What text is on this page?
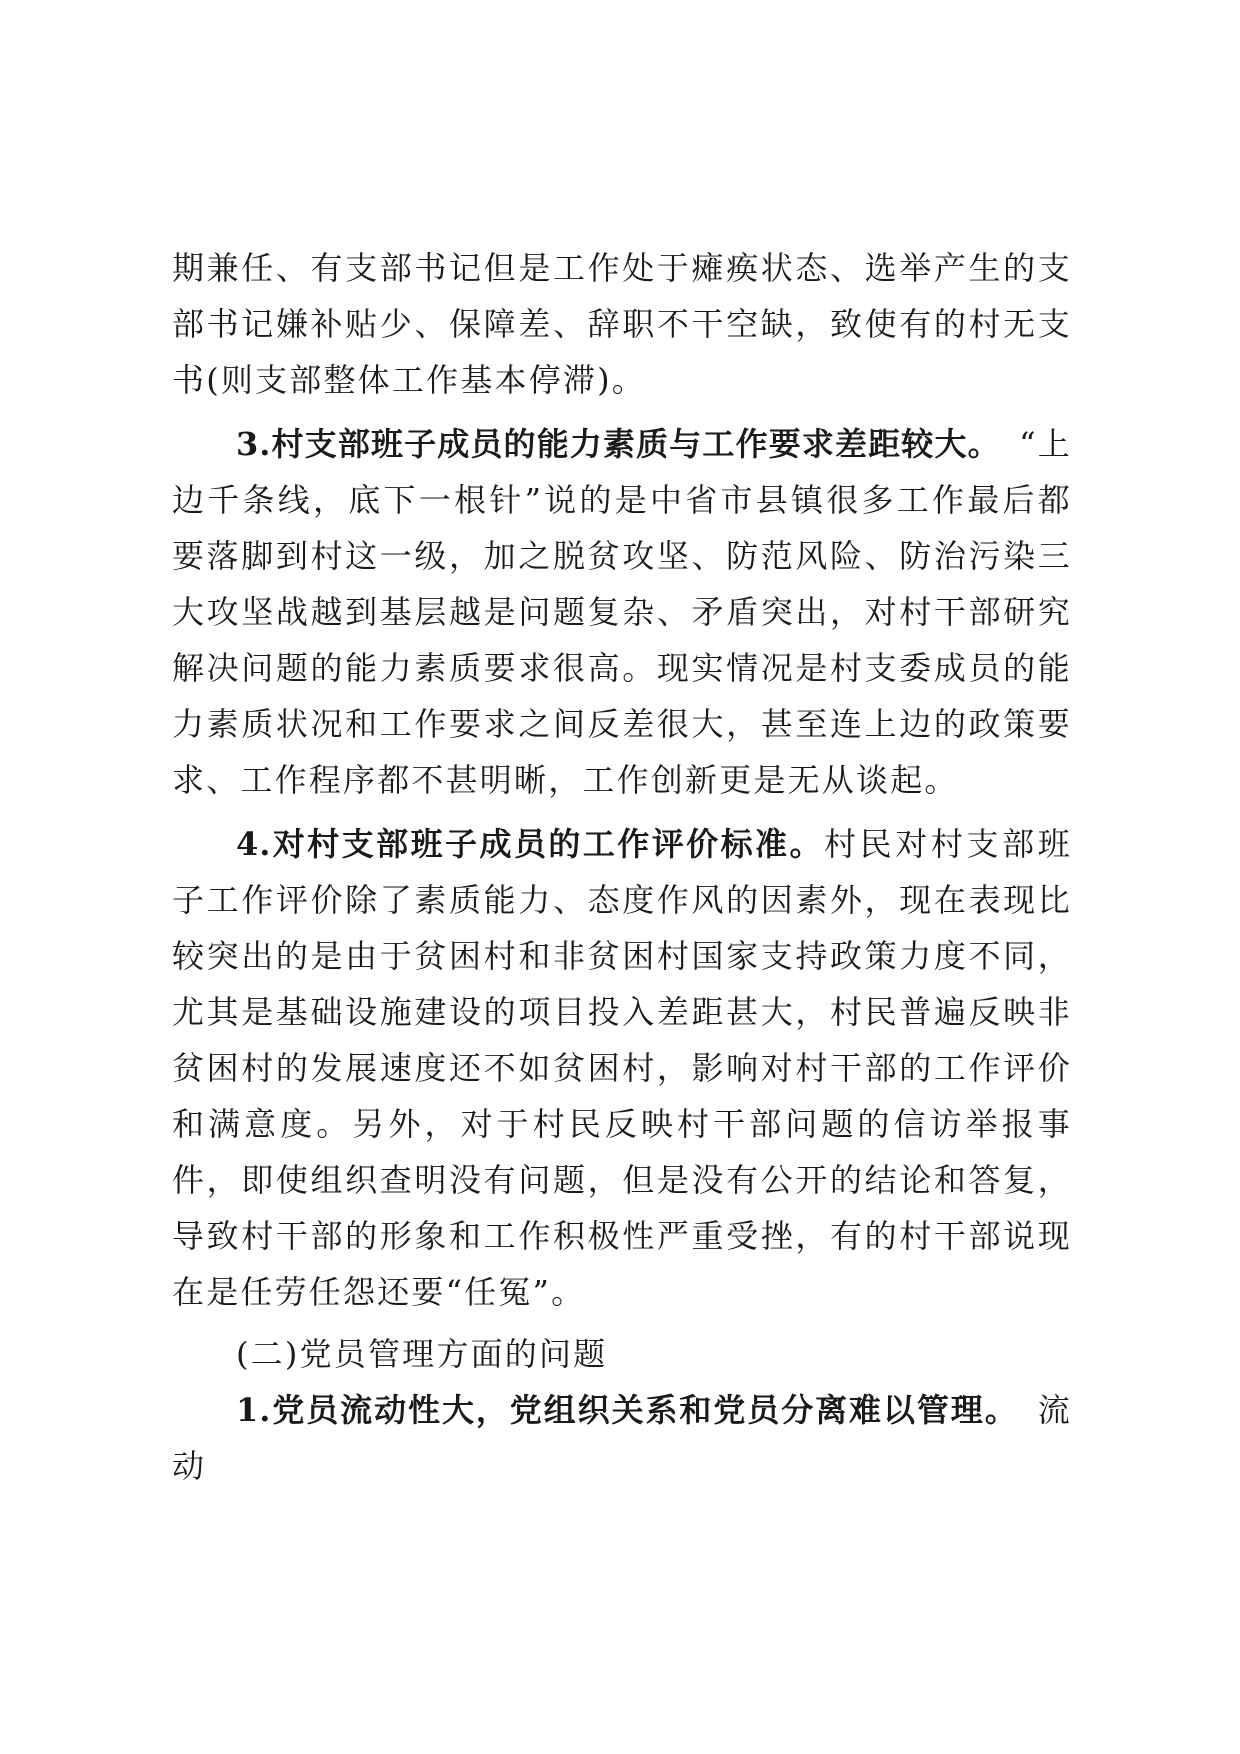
期兼任、有支部书记但是工作处于瘫痪状态、选举产生的支部书记嫌补贴少、保障差、辞职不干空缺，致使有的村无支书(则支部整体工作基本停滞)。

3.村支部班子成员的能力素质与工作要求差距较大。　“上边千条线，底下一根针”说的是中省市县镇很多工作最后都要落脚到村这一级，加之脱贫攻坚、防范风险、防治污染三大攻坚战越到基层越是问题复杂、矛盾突出，对村干部研究解决问题的能力素质要求很高。现实情况是村支委成员的能力素质状况和工作要求之间反差很大，甚至连上边的政策要求、工作程序都不甚明晰，工作创新更是无从谈起。

4.对村支部班子成员的工作评价标准。村民对村支部班子工作评价除了素质能力、态度作风的因素外，现在表现比较突出的是由于贫困村和非贫困村国家支持政策力度不同，尤其是基础设施建设的项目投入差距甚大，村民普遍反映非贫困村的发展速度还不如贫困村，影响对村干部的工作评价和满意度。另外，对于村民反映村干部问题的信访举报事件，即使组织查明没有问题，但是没有公开的结论和答复，导致村干部的形象和工作积极性严重受挫，有的村干部说现在是任劳任怨还要“任冤”。

(二)党员管理方面的问题

1.党员流动性大，党组织关系和党员分离难以管理。　流动
